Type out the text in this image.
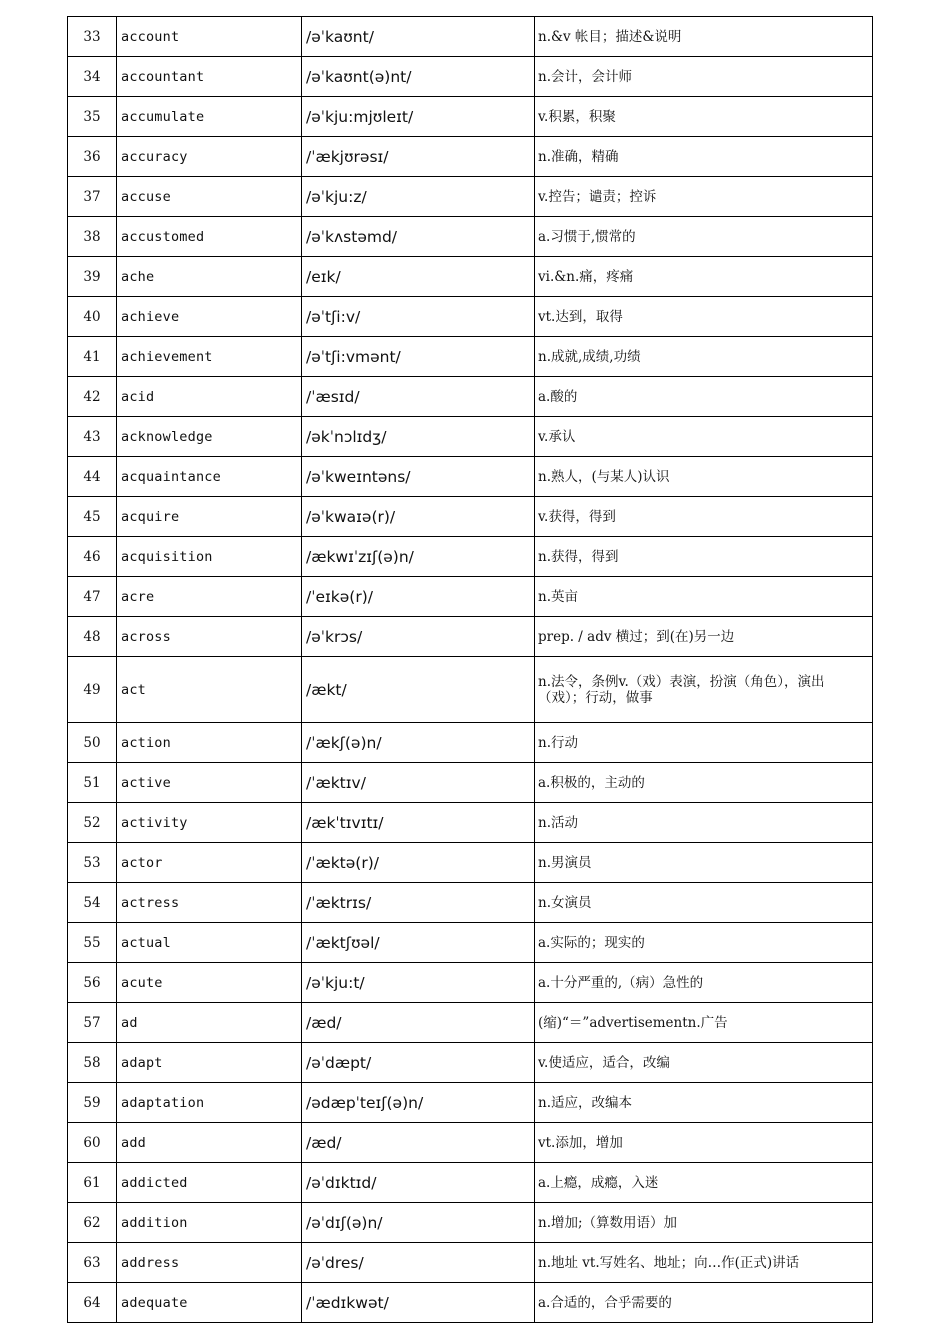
33	account	/əˈkaʊnt/	n.&v 帐目；描述&说明
34	accountant	/əˈkaʊnt(ə)nt/	n.会计，会计师
35	accumulate	/əˈkju:mjʊleɪt/	v.积累，积聚
36	accuracy	/ˈækjʊrəsɪ/	n.准确，精确
37	accuse	/əˈkju:z/	v.控告；谴责；控诉
38	accustomed	/əˈkʌstəmd/	a.习惯于,惯常的
39	ache	/eɪk/	vi.&n.痛，疼痛
40	achieve	/əˈtʃi:v/	vt.达到，取得
41	achievement	/əˈtʃi:vmənt/	n.成就,成绩,功绩
42	acid	/ˈæsɪd/	a.酸的
43	acknowledge	/əkˈnɔlɪdʒ/	v.承认
44	acquaintance	/əˈkweɪntəns/	n.熟人，(与某人)认识
45	acquire	/əˈkwaɪə(r)/	v.获得，得到
46	acquisition	/ækwɪˈzɪʃ(ə)n/	n.获得，得到
47	acre	/ˈeɪkə(r)/	n.英亩
48	across	/əˈkrɔs/	prep. / adv 横过；到(在)另一边
49	act	/ækt/	n.法令，条例v.（戏）表演，扮演（角色），演出（戏）；行动，做事
50	action	/ˈækʃ(ə)n/	n.行动
51	active	/ˈæktɪv/	a.积极的，主动的
52	activity	/ækˈtɪvɪtɪ/	n.活动
53	actor	/ˈæktə(r)/	n.男演员
54	actress	/ˈæktrɪs/	n.女演员
55	actual	/ˈæktʃʊəl/	a.实际的；现实的
56	acute	/əˈkju:t/	a.十分严重的,（病）急性的
57	ad	/æd/	(缩)“＝”advertisementn.广告
58	adapt	/əˈdæpt/	v.使适应，适合，改编
59	adaptation	/ədæpˈteɪʃ(ə)n/	n.适应，改编本
60	add	/æd/	vt.添加，增加
61	addicted	/əˈdɪktɪd/	a.上瘾，成瘾，入迷
62	addition	/əˈdɪʃ(ə)n/	n.增加;（算数用语）加
63	address	/əˈdres/	n.地址 vt.写姓名、地址；向…作(正式)讲话
64	adequate	/ˈædɪkwət/	a.合适的，合乎需要的
